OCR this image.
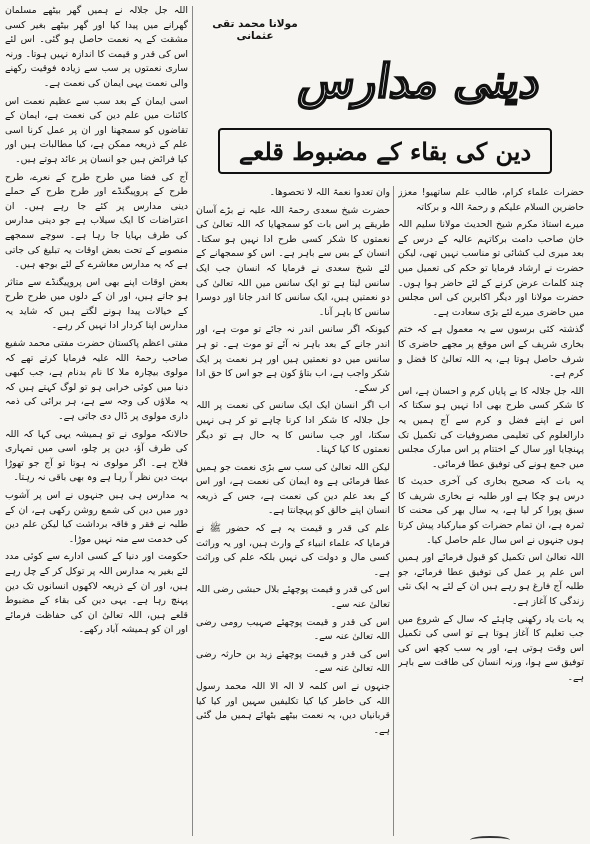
مولانا محمد تقی عثمانی
دینی مدارس
دین کی بقاء کے مضبوط قلعے

حضرات علماء کرام، طالب علم ساتھیو! معزز حاضرین السلام علیکم و رحمۃ اللہ و برکاتہ

میرے استاذ مکرم شیخ الحدیث مولانا سلیم اللہ خان صاحب دامت برکاتہم عالیہ کے درس کے بعد میری لب کشائی تو مناسب نہیں تھی، لیکن حضرت نے ارشاد فرمایا تو حکم کی تعمیل میں چند کلمات عرض کرنے کے لئے حاضر ہوا ہوں۔ حضرت مولانا اور دیگر اکابرین کی اس مجلس میں حاضری میرے لئے بڑی سعادت ہے۔

گذشتہ کئی برسوں سے یہ معمول ہے کہ ختم بخاری شریف کے اس موقع پر مجھے حاضری کا شرف حاصل ہوتا ہے، یہ اللہ تعالیٰ کا فضل و کرم ہے۔

اللہ جل جلالہ کا بے پایاں کرم و احسان ہے، اس کا شکر کسی طرح بھی ادا نہیں ہو سکتا کہ اس نے اپنے فضل و کرم سے آج ہمیں یہ دارالعلوم کی تعلیمی مصروفیات کی تکمیل تک پہنچایا اور سال کے اختتام پر اس مبارک مجلس میں جمع ہونے کی توفیق عطا فرمائی۔

یہ بات کہ صحیح بخاری کی آخری حدیث کا درس ہو چکا ہے اور طلبہ نے بخاری شریف کا سبق پورا کر لیا ہے، یہ سال بھر کی محنت کا ثمرہ ہے، ان تمام حضرات کو مبارکباد پیش کرتا ہوں جنہوں نے اس سال علم حاصل کیا۔

اللہ تعالیٰ اس تکمیل کو قبول فرمائے اور ہمیں اس علم پر عمل کی توفیق عطا فرمائے، جو طلبہ آج فارغ ہو رہے ہیں ان کے لئے یہ ایک نئی زندگی کا آغاز ہے۔

یہ بات یاد رکھنی چاہئے کہ سال کے شروع میں جب تعلیم کا آغاز ہوتا ہے تو اسی کی تکمیل اس وقت ہوتی ہے، اور یہ سب کچھ اس کی توفیق سے ہوا، ورنہ انسان کی طاقت سے باہر ہے۔

وان تعدوا نعمۃ اللہ لا تحصوھا۔

حضرت شیخ سعدی رحمۃ اللہ علیہ نے بڑے آسان طریقے پر اس بات کو سمجھایا کہ اللہ تعالیٰ کی نعمتوں کا شکر کسی طرح ادا نہیں ہو سکتا۔ انسان کے بس سے باہر ہے۔ اس کو سمجھانے کے لئے شیخ سعدی نے فرمایا کہ انسان جب ایک سانس لیتا ہے تو ایک سانس میں اللہ تعالیٰ کی دو نعمتیں ہیں، ایک سانس کا اندر جانا اور دوسرا سانس کا باہر آنا۔

کیونکہ اگر سانس اندر نہ جائے تو موت ہے، اور اندر جانے کے بعد باہر نہ آئے تو موت ہے۔ تو ہر سانس میں دو نعمتیں ہیں اور ہر نعمت پر ایک شکر واجب ہے، اب بتاؤ کون ہے جو اس کا حق ادا کر سکے۔

اب اگر انسان ایک ایک سانس کی نعمت پر اللہ جل جلالہ کا شکر ادا کرنا چاہے تو کر ہی نہیں سکتا، اور جب سانس کا یہ حال ہے تو دیگر نعمتوں کا کیا کہنا۔

لیکن اللہ تعالیٰ کی سب سے بڑی نعمت جو ہمیں عطا فرمائی ہے وہ ایمان کی نعمت ہے، اور اس کے بعد علم دین کی نعمت ہے، جس کے ذریعہ انسان اپنے خالق کو پہچانتا ہے۔

علم کی قدر و قیمت یہ ہے کہ حضور ﷺ نے فرمایا کہ علماء انبیاء کے وارث ہیں، اور یہ وراثت کسی مال و دولت کی نہیں بلکہ علم کی وراثت ہے۔

اس کی قدر و قیمت پوچھئے بلال حبشی رضی اللہ تعالیٰ عنہ سے۔

اس کی قدر و قیمت پوچھئے صہیب رومی رضی اللہ تعالیٰ عنہ سے۔

اس کی قدر و قیمت پوچھئے زید بن حارثہ رضی اللہ تعالیٰ عنہ سے۔

جنہوں نے اس کلمہ لا الہ الا اللہ محمد رسول اللہ کی خاطر کیا کیا تکلیفیں سہیں اور کیا کیا قربانیاں دیں، یہ نعمت بیٹھے بٹھائے ہمیں مل گئی ہے۔

اللہ جل جلالہ نے ہمیں گھر بیٹھے مسلمان گھرانے میں پیدا کیا اور گھر بیٹھے بغیر کسی مشقت کے یہ نعمت حاصل ہو گئی۔ اس لئے اس کی قدر و قیمت کا اندازہ نہیں ہوتا۔ ورنہ ساری نعمتوں پر سب سے زیادہ فوقیت رکھنے والی نعمت یہی ایمان کی نعمت ہے۔

اسی ایمان کے بعد سب سے عظیم نعمت اس کائنات میں علم دین کی نعمت ہے، ایمان کے تقاضوں کو سمجھنا اور ان پر عمل کرنا اسی علم کے ذریعہ ممکن ہے، کیا مطالبات ہیں اور کیا فرائض ہیں جو انسان پر عائد ہوتے ہیں۔

آج کی فضا میں طرح طرح کے نعرے، طرح طرح کے پروپیگنڈے اور طرح طرح کے حملے دینی مدارس پر کئے جا رہے ہیں۔ ان اعتراضات کا ایک سیلاب ہے جو دینی مدارس کی طرف بہایا جا رہا ہے۔ سوچے سمجھے منصوبے کے تحت بعض اوقات یہ تبلیغ کی جاتی ہے کہ یہ مدارس معاشرے کے لئے بوجھ ہیں۔

بعض اوقات اپنے بھی اس پروپیگنڈے سے متاثر ہو جاتے ہیں، اور ان کے دلوں میں طرح طرح کے خیالات پیدا ہونے لگتے ہیں کہ شاید یہ مدارس اپنا کردار ادا نہیں کر رہے۔

مفتی اعظم پاکستان حضرت مفتی محمد شفیع صاحب رحمۃ اللہ علیہ فرمایا کرتے تھے کہ مولوی بیچارہ ملا کا نام بدنام ہے، جب کبھی دنیا میں کوئی خرابی ہو تو لوگ کہتے ہیں کہ یہ ملاؤں کی وجہ سے ہے، ہر برائی کی ذمہ داری مولوی پر ڈال دی جاتی ہے۔

حالانکہ مولوی نے تو ہمیشہ یہی کہا کہ اللہ کی طرف آؤ، دین پر چلو، اسی میں تمہاری فلاح ہے۔ اگر مولوی نہ ہوتا تو آج جو تھوڑا بہت دین نظر آ رہا ہے وہ بھی باقی نہ رہتا۔

یہ مدارس ہی ہیں جنہوں نے اس پر آشوب دور میں دین کی شمع روشن رکھی ہے، ان کے طلبہ نے فقر و فاقہ برداشت کیا لیکن علم دین کی خدمت سے منہ نہیں موڑا۔

حکومت اور دنیا کے کسی ادارے سے کوئی مدد لئے بغیر یہ مدارس اللہ پر توکل کر کے چل رہے ہیں، اور ان کے ذریعہ لاکھوں انسانوں تک دین پہنچ رہا ہے۔ یہی دین کی بقاء کے مضبوط قلعے ہیں، اللہ تعالیٰ ان کی حفاظت فرمائے اور ان کو ہمیشہ آباد رکھے۔
